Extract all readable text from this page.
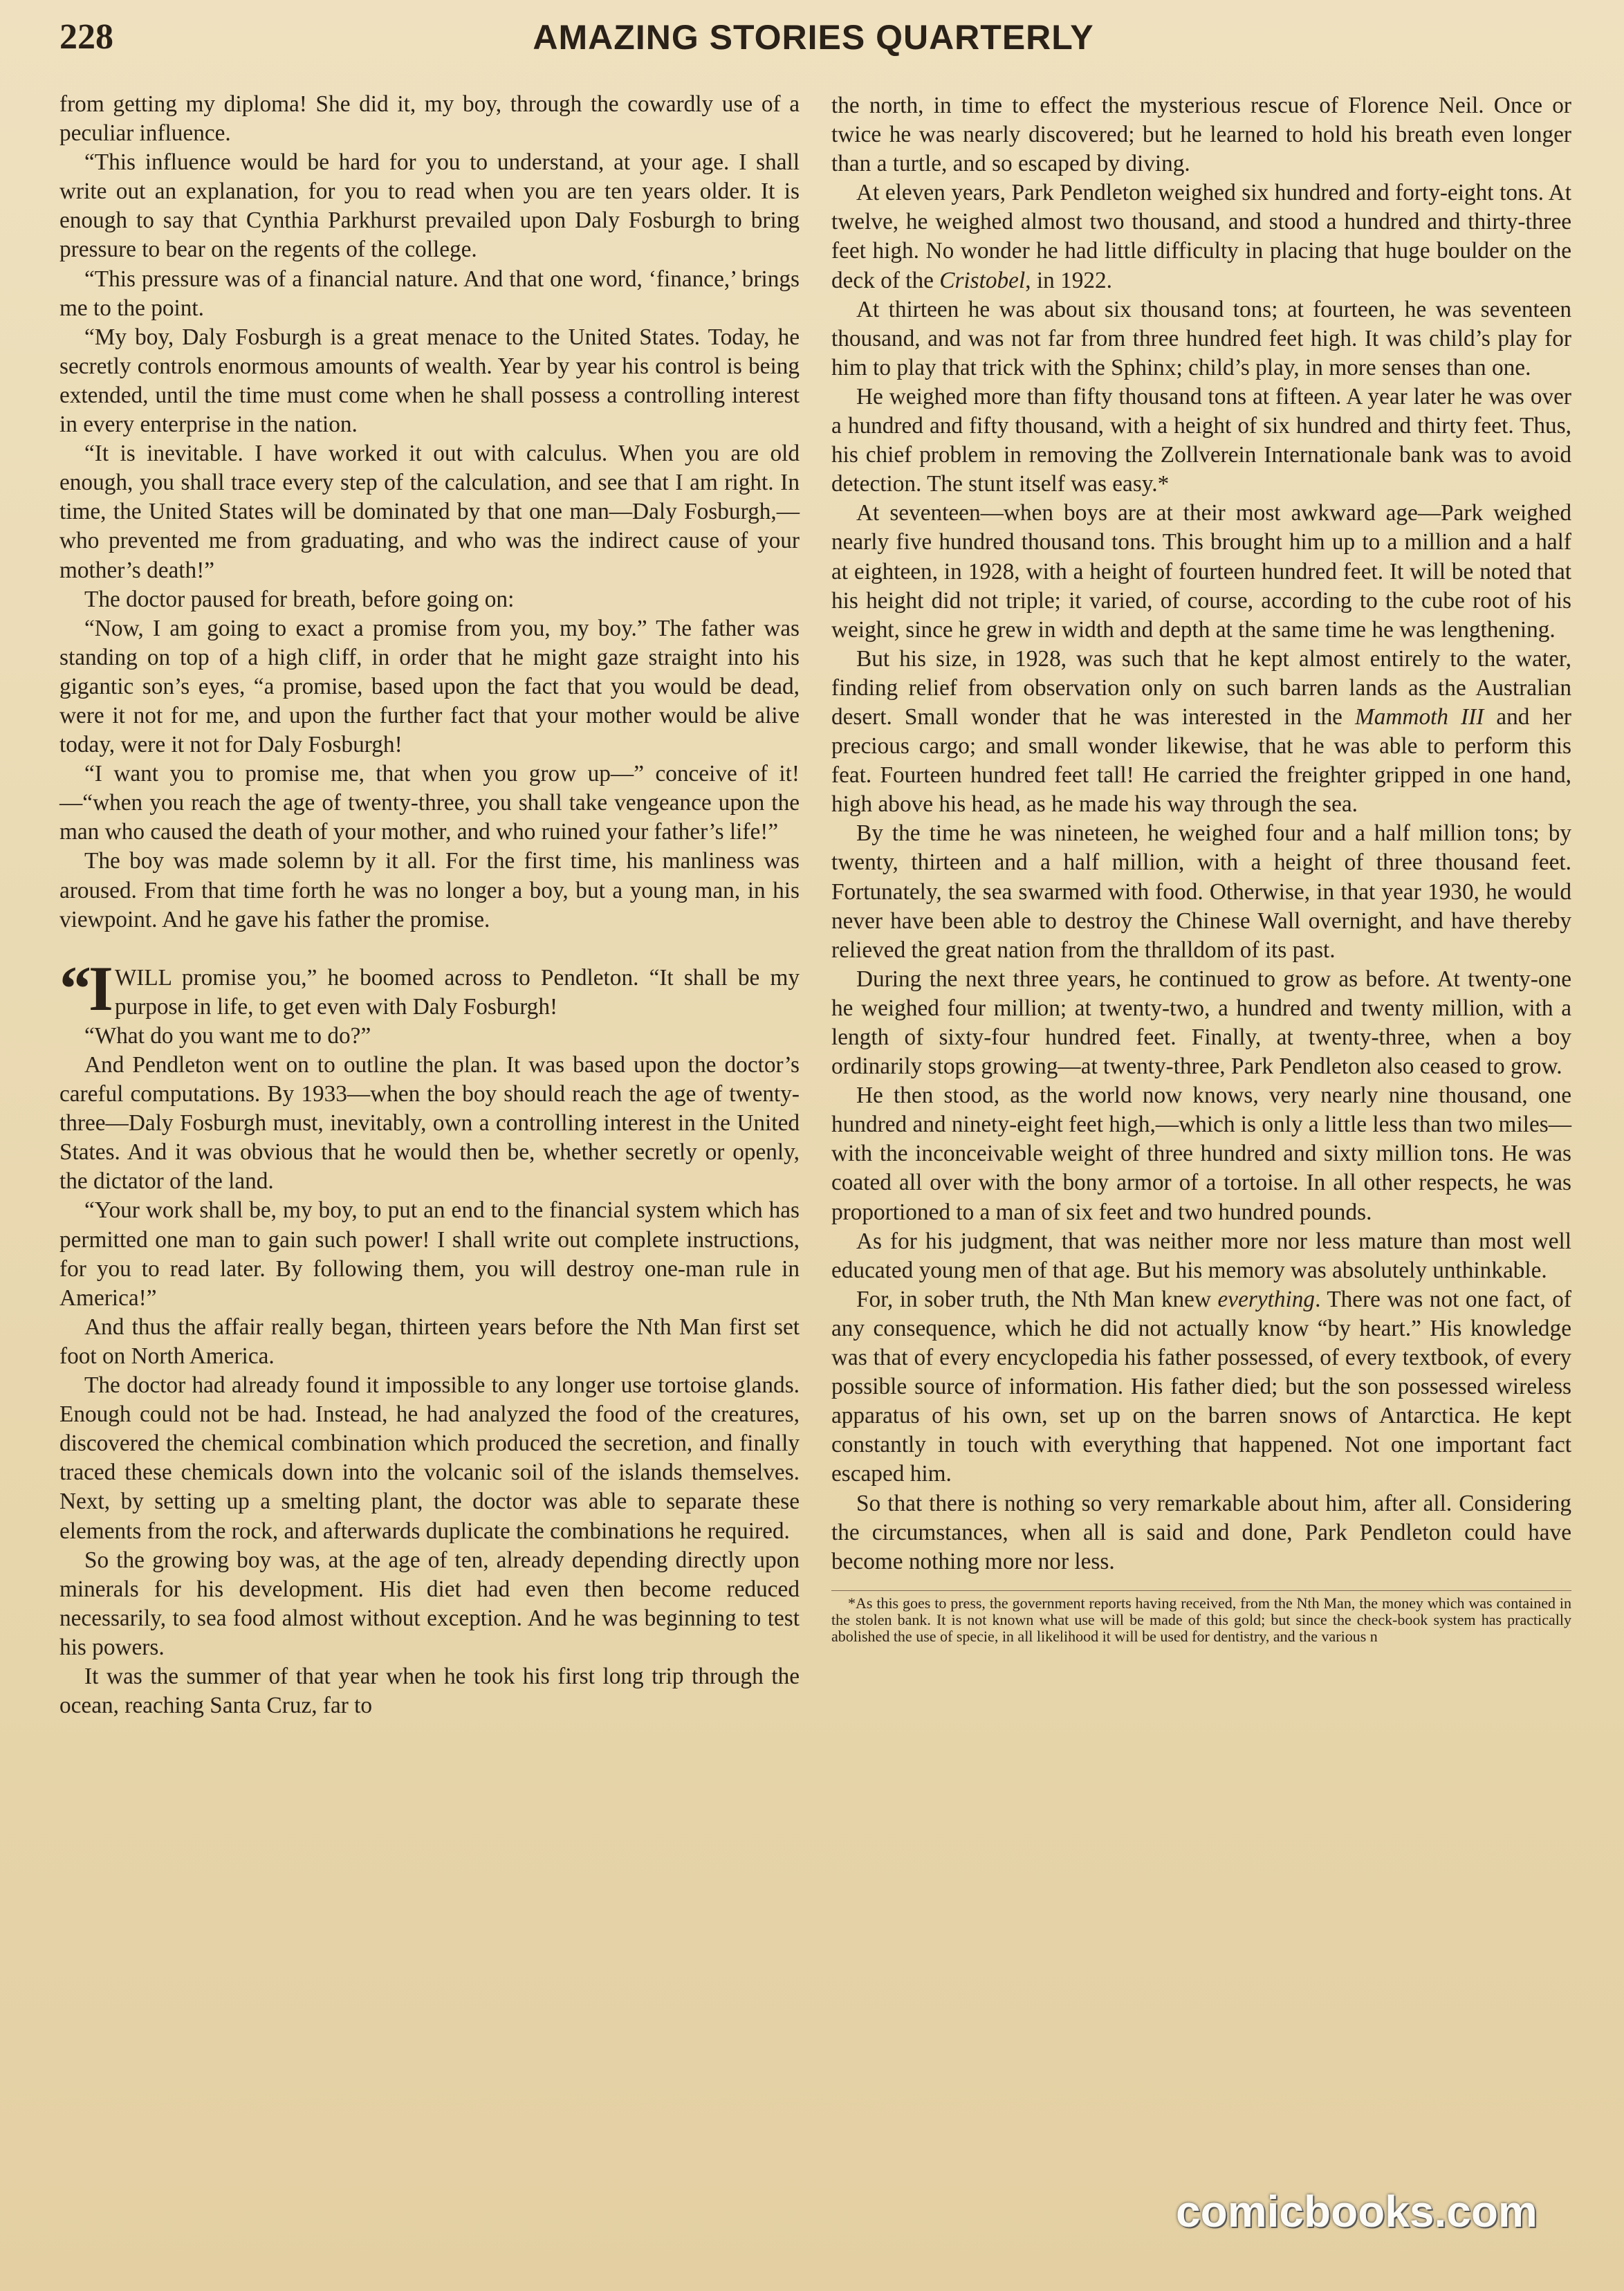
228	AMAZING STORIES QUARTERLY

from getting my diploma! She did it, my boy, through the cowardly use of a peculiar influence.

“This influence would be hard for you to understand, at your age. I shall write out an explanation, for you to read when you are ten years older. It is enough to say that Cynthia Parkhurst prevailed upon Daly Fosburgh to bring pressure to bear on the regents of the college.

“This pressure was of a financial nature. And that one word, ‘finance,’ brings me to the point.

“My boy, Daly Fosburgh is a great menace to the United States. Today, he secretly controls enormous amounts of wealth. Year by year his control is being extended, until the time must come when he shall possess a controlling interest in every enterprise in the nation.

“It is inevitable. I have worked it out with calculus. When you are old enough, you shall trace every step of the calculation, and see that I am right. In time, the United States will be dominated by that one man—Daly Fosburgh,—who prevented me from graduating, and who was the indirect cause of your mother’s death!”

The doctor paused for breath, before going on:

“Now, I am going to exact a promise from you, my boy.” The father was standing on top of a high cliff, in order that he might gaze straight into his gigantic son’s eyes, “a promise, based upon the fact that you would be dead, were it not for me, and upon the further fact that your mother would be alive today, were it not for Daly Fosburgh!

“I want you to promise me, that when you grow up—” conceive of it!—“when you reach the age of twenty-three, you shall take vengeance upon the man who caused the death of your mother, and who ruined your father’s life!”

The boy was made solemn by it all. For the first time, his manliness was aroused. From that time forth he was no longer a boy, but a young man, in his viewpoint. And he gave his father the promise.

“IWILL promise you,” he boomed across to Pendleton. “It shall be my purpose in life, to get even with Daly Fosburgh!

“What do you want me to do?”

And Pendleton went on to outline the plan. It was based upon the doctor’s careful computations. By 1933—when the boy should reach the age of twenty-three—Daly Fosburgh must, inevitably, own a controlling interest in the United States. And it was obvious that he would then be, whether secretly or openly, the dictator of the land.

“Your work shall be, my boy, to put an end to the financial system which has permitted one man to gain such power! I shall write out complete instructions, for you to read later. By following them, you will destroy one-man rule in America!”

And thus the affair really began, thirteen years before the Nth Man first set foot on North America.

The doctor had already found it impossible to any longer use tortoise glands. Enough could not be had. Instead, he had analyzed the food of the creatures, discovered the chemical combination which produced the secretion, and finally traced these chemicals down into the volcanic soil of the islands themselves. Next, by setting up a smelting plant, the doctor was able to separate these elements from the rock, and afterwards duplicate the combinations he required.

So the growing boy was, at the age of ten, already depending directly upon minerals for his development. His diet had even then become reduced necessarily, to sea food almost without exception. And he was beginning to test his powers.

It was the summer of that year when he took his first long trip through the ocean, reaching Santa Cruz, far to

the north, in time to effect the mysterious rescue of Florence Neil. Once or twice he was nearly discovered; but he learned to hold his breath even longer than a turtle, and so escaped by diving.

At eleven years, Park Pendleton weighed six hundred and forty-eight tons. At twelve, he weighed almost two thousand, and stood a hundred and thirty-three feet high. No wonder he had little difficulty in placing that huge boulder on the deck of the Cristobel, in 1922.

At thirteen he was about six thousand tons; at fourteen, he was seventeen thousand, and was not far from three hundred feet high. It was child’s play for him to play that trick with the Sphinx; child’s play, in more senses than one.

He weighed more than fifty thousand tons at fifteen. A year later he was over a hundred and fifty thousand, with a height of six hundred and thirty feet. Thus, his chief problem in removing the Zollverein Internationale bank was to avoid detection. The stunt itself was easy.*

At seventeen—when boys are at their most awkward age—Park weighed nearly five hundred thousand tons. This brought him up to a million and a half at eighteen, in 1928, with a height of fourteen hundred feet. It will be noted that his height did not triple; it varied, of course, according to the cube root of his weight, since he grew in width and depth at the same time he was lengthening.

But his size, in 1928, was such that he kept almost entirely to the water, finding relief from observation only on such barren lands as the Australian desert. Small wonder that he was interested in the Mammoth III and her precious cargo; and small wonder likewise, that he was able to perform this feat. Fourteen hundred feet tall! He carried the freighter gripped in one hand, high above his head, as he made his way through the sea.

By the time he was nineteen, he weighed four and a half million tons; by twenty, thirteen and a half million, with a height of three thousand feet. Fortunately, the sea swarmed with food. Otherwise, in that year 1930, he would never have been able to destroy the Chinese Wall overnight, and have thereby relieved the great nation from the thralldom of its past.

During the next three years, he continued to grow as before. At twenty-one he weighed four million; at twenty-two, a hundred and twenty million, with a length of sixty-four hundred feet. Finally, at twenty-three, when a boy ordinarily stops growing—at twenty-three, Park Pendleton also ceased to grow.

He then stood, as the world now knows, very nearly nine thousand, one hundred and ninety-eight feet high,—which is only a little less than two miles—with the inconceivable weight of three hundred and sixty million tons. He was coated all over with the bony armor of a tortoise. In all other respects, he was proportioned to a man of six feet and two hundred pounds.

As for his judgment, that was neither more nor less mature than most well educated young men of that age. But his memory was absolutely unthinkable.

For, in sober truth, the Nth Man knew everything. There was not one fact, of any consequence, which he did not actually know “by heart.” His knowledge was that of every encyclopedia his father possessed, of every textbook, of every possible source of information. His father died; but the son possessed wireless apparatus of his own, set up on the barren snows of Antarctica. He kept constantly in touch with everything that happened. Not one important fact escaped him.

So that there is nothing so very remarkable about him, after all. Considering the circumstances, when all is said and done, Park Pendleton could have become nothing more nor less.

*As this goes to press, the government reports having received, from the Nth Man, the money which was contained in the stolen bank. It is not known what use will be made of this gold; but since the check-book system has practically abolished the use of specie, in all likelihood it will be used for dentistry, and the various n
comicbooks.com
